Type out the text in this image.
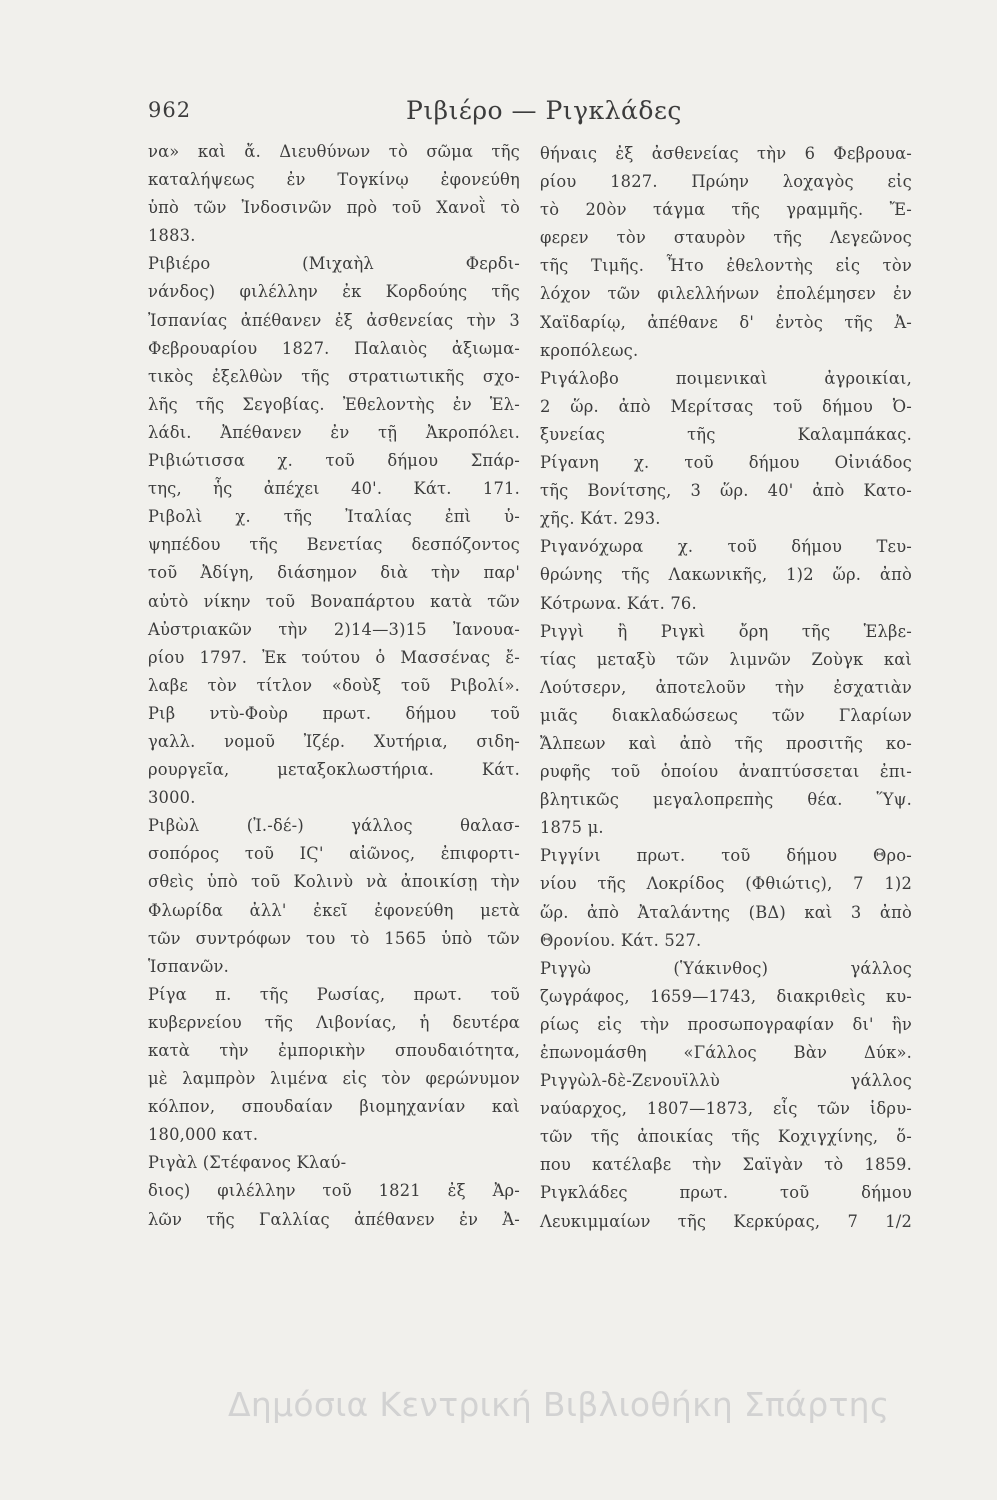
962	Ριβιέρο — Ριγκλάδες
να» καὶ ἄ. Διευθύνων τὸ σῶμα τῆς
καταλήψεως ἐν Τογκίνῳ ἐφονεύθη
ὑπὸ τῶν Ἰνδοσινῶν πρὸ τοῦ Χανοῒ τὸ
1883.
Ριβιέρο (Μιχαὴλ Φερδι-
νάνδος) φιλέλλην ἐκ Κορδούης τῆς
Ἰσπανίας ἀπέθανεν ἐξ ἀσθενείας τὴν 3
Φεβρουαρίου 1827. Παλαιὸς ἀξιωμα-
τικὸς ἐξελθὼν τῆς στρατιωτικῆς σχο-
λῆς τῆς Σεγοβίας. Ἐθελοντὴς ἐν Ἑλ-
λάδι. Ἀπέθανεν ἐν τῇ Ἀκροπόλει.
Ριβιώτισσα χ. τοῦ δήμου Σπάρ-
της, ἧς ἀπέχει 40'. Κάτ. 171.
Ριβολὶ χ. τῆς Ἰταλίας ἐπὶ ὑ-
ψηπέδου τῆς Βενετίας δεσπόζοντος
τοῦ Ἀδίγη, διάσημον διὰ τὴν παρ'
αὐτὸ νίκην τοῦ Βοναπάρτου κατὰ τῶν
Αὐστριακῶν τὴν 2)14—3)15 Ἰανουα-
ρίου 1797. Ἐκ τούτου ὁ Μασσένας ἔ-
λαβε τὸν τίτλον «δοὺξ τοῦ Ριβολί».
Ριβ ντὺ-Φοὺρ πρωτ. δήμου τοῦ
γαλλ. νομοῦ Ἰζέρ. Χυτήρια, σιδη-
ρουργεῖα, μεταξοκλωστήρια. Κάτ.
3000.
Ριβὼλ (Ἰ.-δέ-) γάλλος θαλασ-
σοπόρος τοῦ ΙϚ' αἰῶνος, ἐπιφορτι-
σθεὶς ὑπὸ τοῦ Κολινὺ νὰ ἀποικίσῃ τὴν
Φλωρίδα ἀλλ' ἐκεῖ ἐφονεύθη μετὰ
τῶν συντρόφων του τὸ 1565 ὑπὸ τῶν
Ἱσπανῶν.
Ρίγα π. τῆς Ρωσίας, πρωτ. τοῦ
κυβερνείου τῆς Λιβονίας, ἡ δευτέρα
κατὰ τὴν ἐμπορικὴν σπουδαιότητα,
μὲ λαμπρὸν λιμένα εἰς τὸν φερώνυμον
κόλπον, σπουδαίαν βιομηχανίαν καὶ
180,000 κατ.
Ριγὰλ (Στέφανος Κλαύ-
διος) φιλέλλην τοῦ 1821 ἐξ Ἀρ-
λῶν τῆς Γαλλίας ἀπέθανεν ἐν Ἀ-
θήναις ἐξ ἀσθενείας τὴν 6 Φεβρουα-
ρίου 1827. Πρώην λοχαγὸς εἰς
τὸ 20ὸν τάγμα τῆς γραμμῆς. Ἔ-
φερεν τὸν σταυρὸν τῆς Λεγεῶνος
τῆς Τιμῆς. Ἦτο ἐθελοντὴς εἰς τὸν
λόχον τῶν φιλελλήνων ἐπολέμησεν ἐν
Χαϊδαρίῳ, ἀπέθανε δ' ἐντὸς τῆς Ἀ-
κροπόλεως.
Ριγάλοβο ποιμενικαὶ ἀγροικίαι,
2 ὥρ. ἀπὸ Μερίτσας τοῦ δήμου Ὀ-
ξυνείας τῆς Καλαμπάκας.
Ρίγανη χ. τοῦ δήμου Οἰνιάδος
τῆς Βονίτσης, 3 ὥρ. 40' ἀπὸ Κατο-
χῆς. Κάτ. 293.
Ριγανόχωρα χ. τοῦ δήμου Τευ-
θρώνης τῆς Λακωνικῆς, 1)2 ὥρ. ἀπὸ
Κότρωνα. Κάτ. 76.
Ριγγὶ ἢ Ριγκὶ ὄρη τῆς Ἑλβε-
τίας μεταξὺ τῶν λιμνῶν Ζοὺγκ καὶ
Λούτσερν, ἀποτελοῦν τὴν ἐσχατιὰν
μιᾶς διακλαδώσεως τῶν Γλαρίων
Ἄλπεων καὶ ἀπὸ τῆς προσιτῆς κο-
ρυφῆς τοῦ ὁποίου ἀναπτύσσεται ἐπι-
βλητικῶς μεγαλοπρεπὴς θέα. Ὕψ.
1875 μ.
Ριγγίνι πρωτ. τοῦ δήμου Θρο-
νίου τῆς Λοκρίδος (Φθιώτις), 7 1)2
ὥρ. ἀπὸ Ἀταλάντης (ΒΔ) καὶ 3 ἀπὸ
Θρονίου. Κάτ. 527.
Ριγγὼ (Ὑάκινθος) γάλλος
ζωγράφος, 1659—1743, διακριθεὶς κυ-
ρίως εἰς τὴν προσωπογραφίαν δι' ἣν
ἐπωνομάσθη «Γάλλος Βὰν Δύκ».
Ριγγὼλ-δὲ-Ζενουϊλλὺ γάλλος
ναύαρχος, 1807—1873, εἷς τῶν ἱδρυ-
τῶν τῆς ἀποικίας τῆς Κοχιγχίνης, ὅ-
που κατέλαβε τὴν Σαϊγὰν τὸ 1859.
Ριγκλάδες πρωτ. τοῦ δήμου
Λευκιμμαίων τῆς Κερκύρας, 7 1/2
Δημόσια Κεντρική Βιβλιοθήκη Σπάρτης
